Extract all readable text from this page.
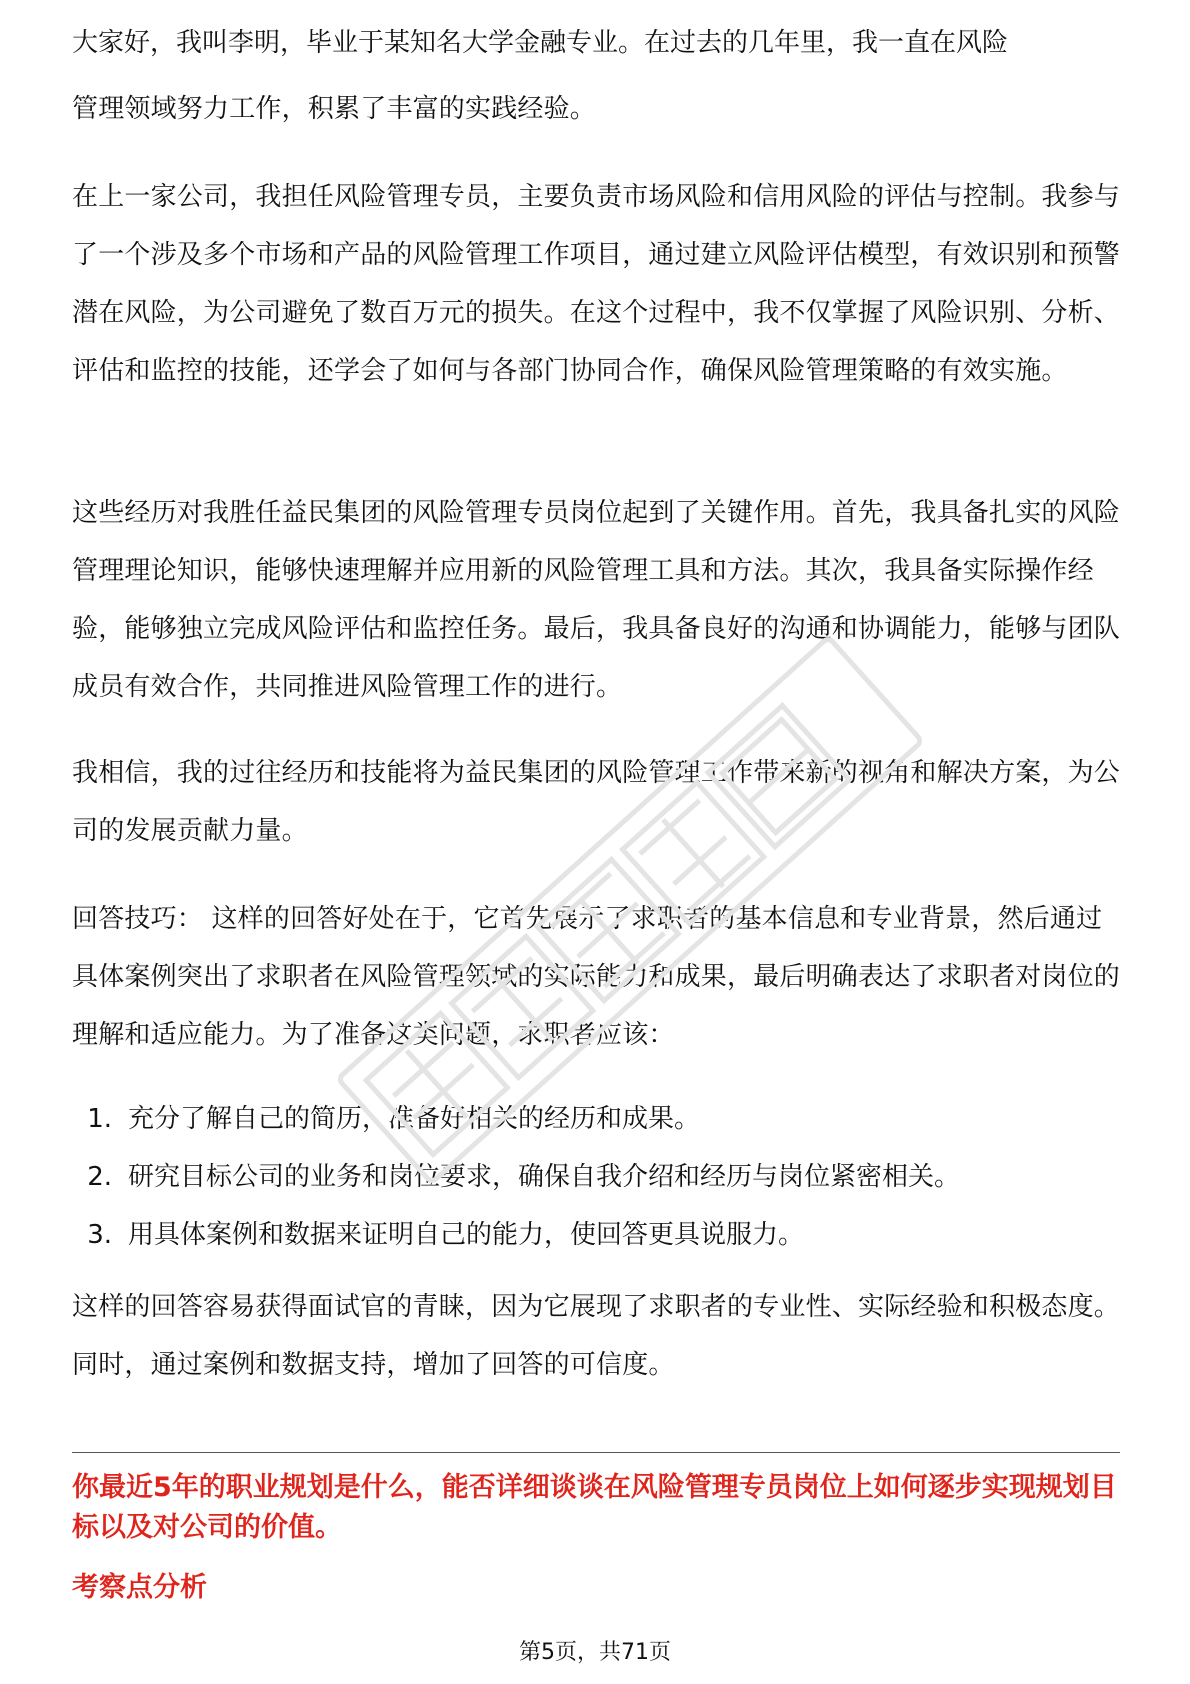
大家好，我叫李明，毕业于某知名大学金融专业。在过去的几年里，我一直在风险

管理领域努力工作，积累了丰富的实践经验。

在上一家公司，我担任风险管理专员，主要负责市场风险和信用风险的评估与控制。我参与了一个涉及多个市场和产品的风险管理工作项目，通过建立风险评估模型，有效识别和预警潜在风险，为公司避免了数百万元的损失。在这个过程中，我不仅掌握了风险识别、分析、评估和监控的技能，还学会了如何与各部门协同合作，确保风险管理策略的有效实施。

这些经历对我胜任益民集团的风险管理专员岗位起到了关键作用。首先，我具备扎实的风险管理理论知识，能够快速理解并应用新的风险管理工具和方法。其次，我具备实际操作经验，能够独立完成风险评估和监控任务。最后，我具备良好的沟通和协调能力，能够与团队成员有效合作，共同推进风险管理工作的进行。

我相信，我的过往经历和技能将为益民集团的风险管理工作带来新的视角和解决方案，为公司的发展贡献力量。

回答技巧： 这样的回答好处在于，它首先展示了求职者的基本信息和专业背景，然后通过具体案例突出了求职者在风险管理领域的实际能力和成果，最后明确表达了求职者对岗位的理解和适应能力。为了准备这类问题，求职者应该：

1. 充分了解自己的简历，准备好相关的经历和成果。
2. 研究目标公司的业务和岗位要求，确保自我介绍和经历与岗位紧密相关。
3. 用具体案例和数据来证明自己的能力，使回答更具说服力。

这样的回答容易获得面试官的青睐，因为它展现了求职者的专业性、实际经验和积极态度。同时，通过案例和数据支持，增加了回答的可信度。

你最近5年的职业规划是什么，能否详细谈谈在风险管理专员岗位上如何逐步实现规划目标以及对公司的价值。

考察点分析

第5页，共71页
